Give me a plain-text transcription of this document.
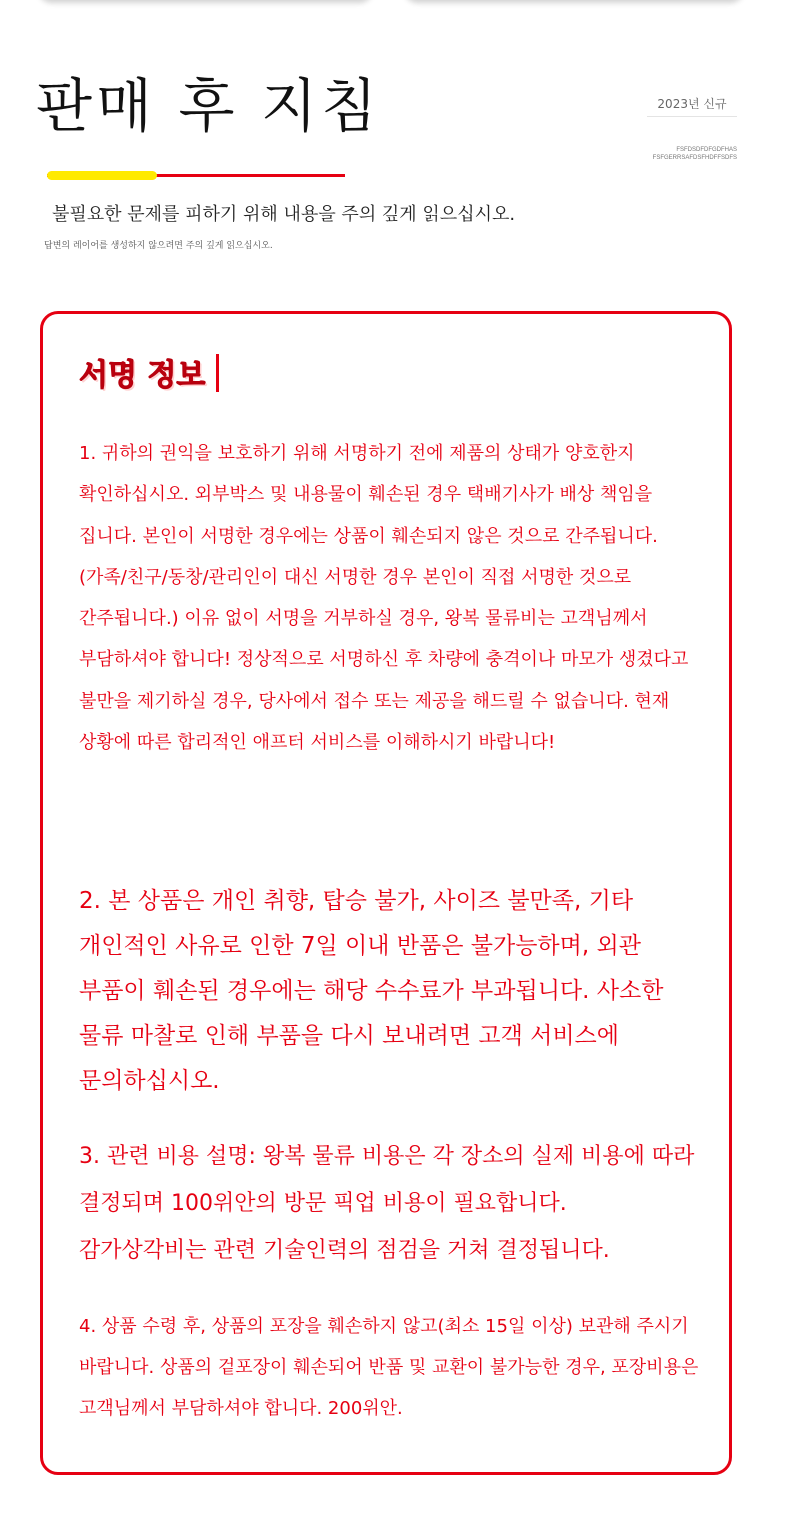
판매 후 지침	2023년 신규
FSFDSDFDFGDFHAS
FSFGERRSAFDSFHDFFSDFS

불필요한 문제를 피하기 위해 내용을 주의 깊게 읽으십시오.

답변의 레이어를 생성하지 않으려면 주의 깊게 읽으십시오.

서명 정보

1. 귀하의 권익을 보호하기 위해 서명하기 전에 제품의 상태가 양호한지 확인하십시오. 외부박스 및 내용물이 훼손된 경우 택배기사가 배상 책임을 집니다. 본인이 서명한 경우에는 상품이 훼손되지 않은 것으로 간주됩니다. (가족/친구/동창/관리인이 대신 서명한 경우 본인이 직접 서명한 것으로 간주됩니다.) 이유 없이 서명을 거부하실 경우, 왕복 물류비는 고객님께서 부담하셔야 합니다! 정상적으로 서명하신 후 차량에 충격이나 마모가 생겼다고 불만을 제기하실 경우, 당사에서 접수 또는 제공을 해드릴 수 없습니다. 현재 상황에 따른 합리적인 애프터 서비스를 이해하시기 바랍니다!

2. 본 상품은 개인 취향, 탑승 불가, 사이즈 불만족, 기타 개인적인 사유로 인한 7일 이내 반품은 불가능하며, 외관 부품이 훼손된 경우에는 해당 수수료가 부과됩니다. 사소한 물류 마찰로 인해 부품을 다시 보내려면 고객 서비스에 문의하십시오.

3. 관련 비용 설명: 왕복 물류 비용은 각 장소의 실제 비용에 따라 결정되며 100위안의 방문 픽업 비용이 필요합니다. 감가상각비는 관련 기술인력의 점검을 거쳐 결정됩니다.

4. 상품 수령 후, 상품의 포장을 훼손하지 않고(최소 15일 이상) 보관해 주시기 바랍니다. 상품의 겉포장이 훼손되어 반품 및 교환이 불가능한 경우, 포장비용은 고객님께서 부담하셔야 합니다. 200위안.
